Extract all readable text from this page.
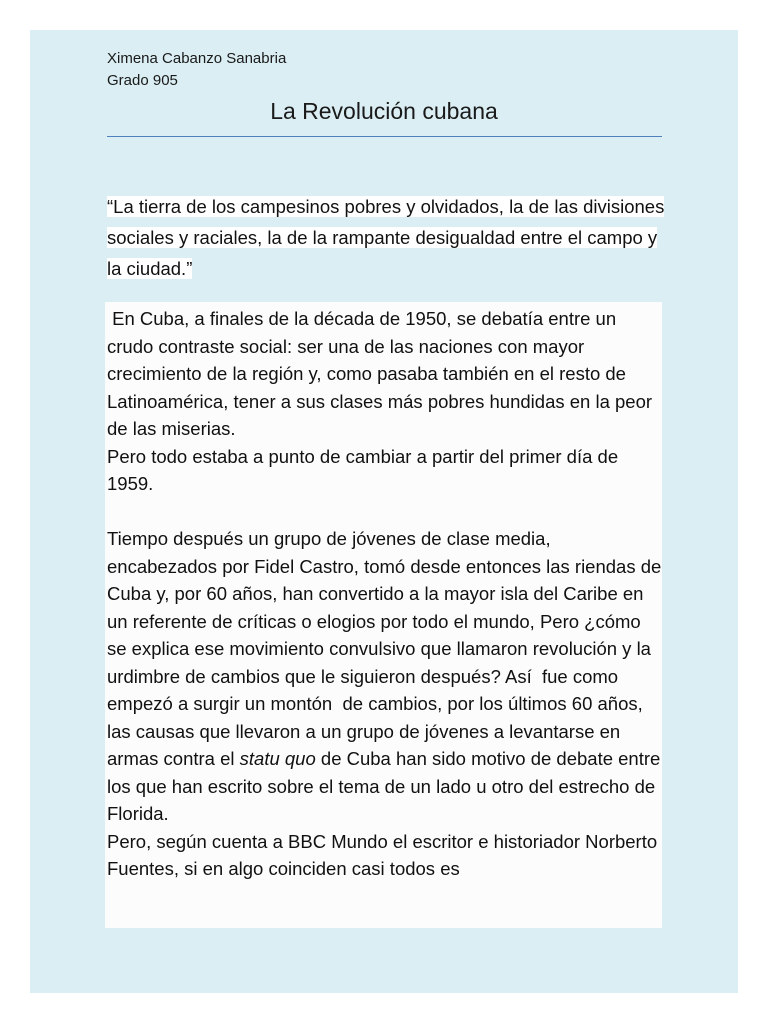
Ximena Cabanzo Sanabria
Grado 905
La Revolución cubana
“La tierra de los campesinos pobres y olvidados, la de las divisiones sociales y raciales, la de la rampante desigualdad entre el campo y la ciudad.”

En Cuba, a finales de la década de 1950, se debatía entre un crudo contraste social: ser una de las naciones con mayor crecimiento de la región y, como pasaba también en el resto de Latinoamérica, tener a sus clases más pobres hundidas en la peor de las miserias.

Pero todo estaba a punto de cambiar a partir del primer día de 1959.

Tiempo después un grupo de jóvenes de clase media, encabezados por Fidel Castro, tomó desde entonces las riendas de Cuba y, por 60 años, han convertido a la mayor isla del Caribe en un referente de críticas o elogios por todo el mundo, Pero ¿cómo se explica ese movimiento convulsivo que llamaron revolución y la urdimbre de cambios que le siguieron después? Así  fue como empezó a surgir un montón  de cambios, por los últimos 60 años, las causas que llevaron a un grupo de jóvenes a levantarse en armas contra el statu quo de Cuba han sido motivo de debate entre los que han escrito sobre el tema de un lado u otro del estrecho de Florida.

Pero, según cuenta a BBC Mundo el escritor e historiador Norberto Fuentes, si en algo coinciden casi todos es
